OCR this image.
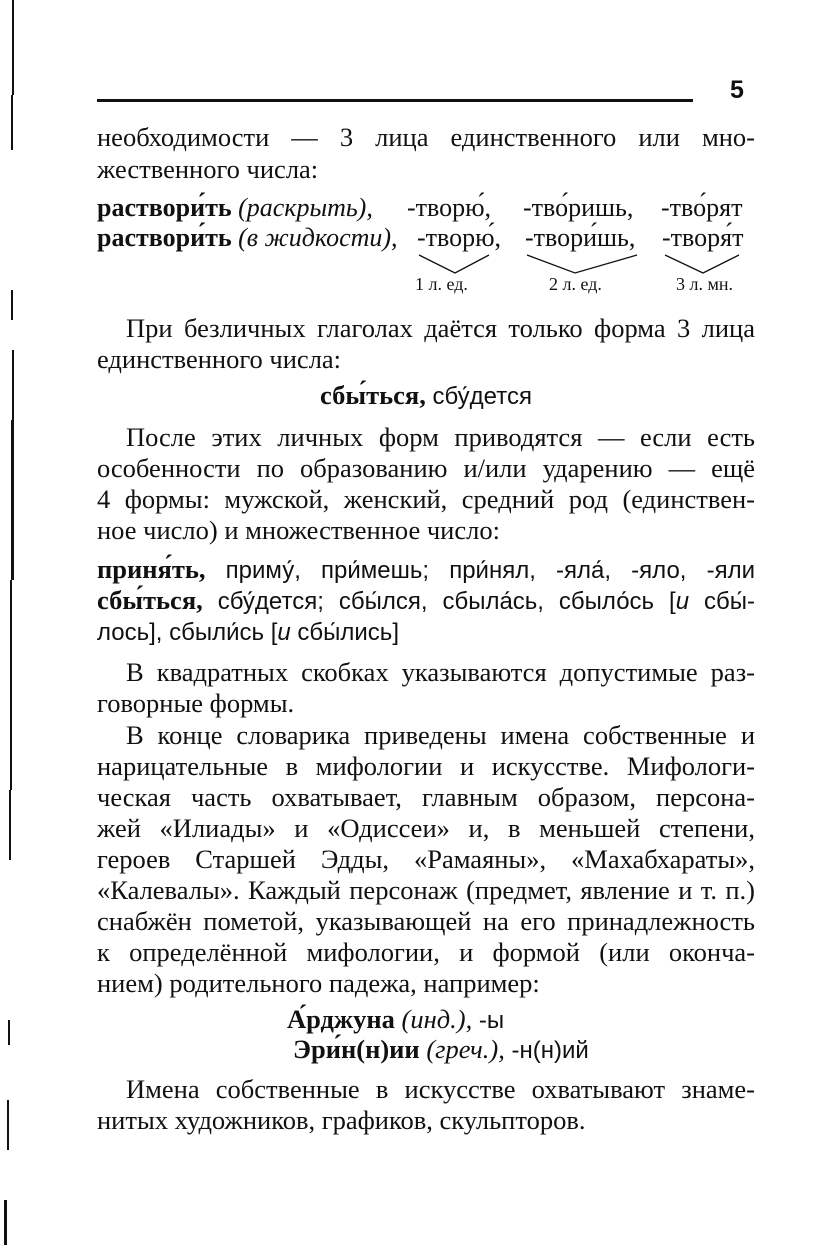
5
необходимости — 3 лица единственного или мно-
жественного числа:
раствори́ть (раскрыть), -творю́, -тво́ришь, -тво́рят
раствори́ть (в жидкости), -творю́, -твори́шь, -творя́т
1 л. ед.	2 л. ед.	3 л. мн.
При безличных глаголах даётся только форма 3 лица
единственного числа:
сбы́ться, сбу́дется
После этих личных форм приводятся — если есть
особенности по образованию и/или ударению — ещё
4 формы: мужской, женский, средний род (единствен-
ное число) и множественное число:
приня́ть, приму́, при́мешь; при́нял, -яла́, -яло, -яли
сбы́ться, сбу́дется; сбы́лся, сбыла́сь, сбыло́сь [и сбы́-
лось], сбыли́сь [и сбы́лись]
В квадратных скобках указываются допустимые раз-
говорные формы.
В конце словарика приведены имена собственные и
нарицательные в мифологии и искусстве. Мифологи-
ческая часть охватывает, главным образом, персона-
жей «Илиады» и «Одиссеи» и, в меньшей степени,
героев Старшей Эдды, «Рамаяны», «Махабхараты»,
«Калевалы». Каждый персонаж (предмет, явление и т. п.)
снабжён пометой, указывающей на его принадлежность
к определённой мифологии, и формой (или оконча-
нием) родительного падежа, например:
А́рджуна (инд.), -ы
Эри́н(н)ии (греч.), -н(н)ий
Имена собственные в искусстве охватывают знаме-
нитых художников, графиков, скульпторов.
